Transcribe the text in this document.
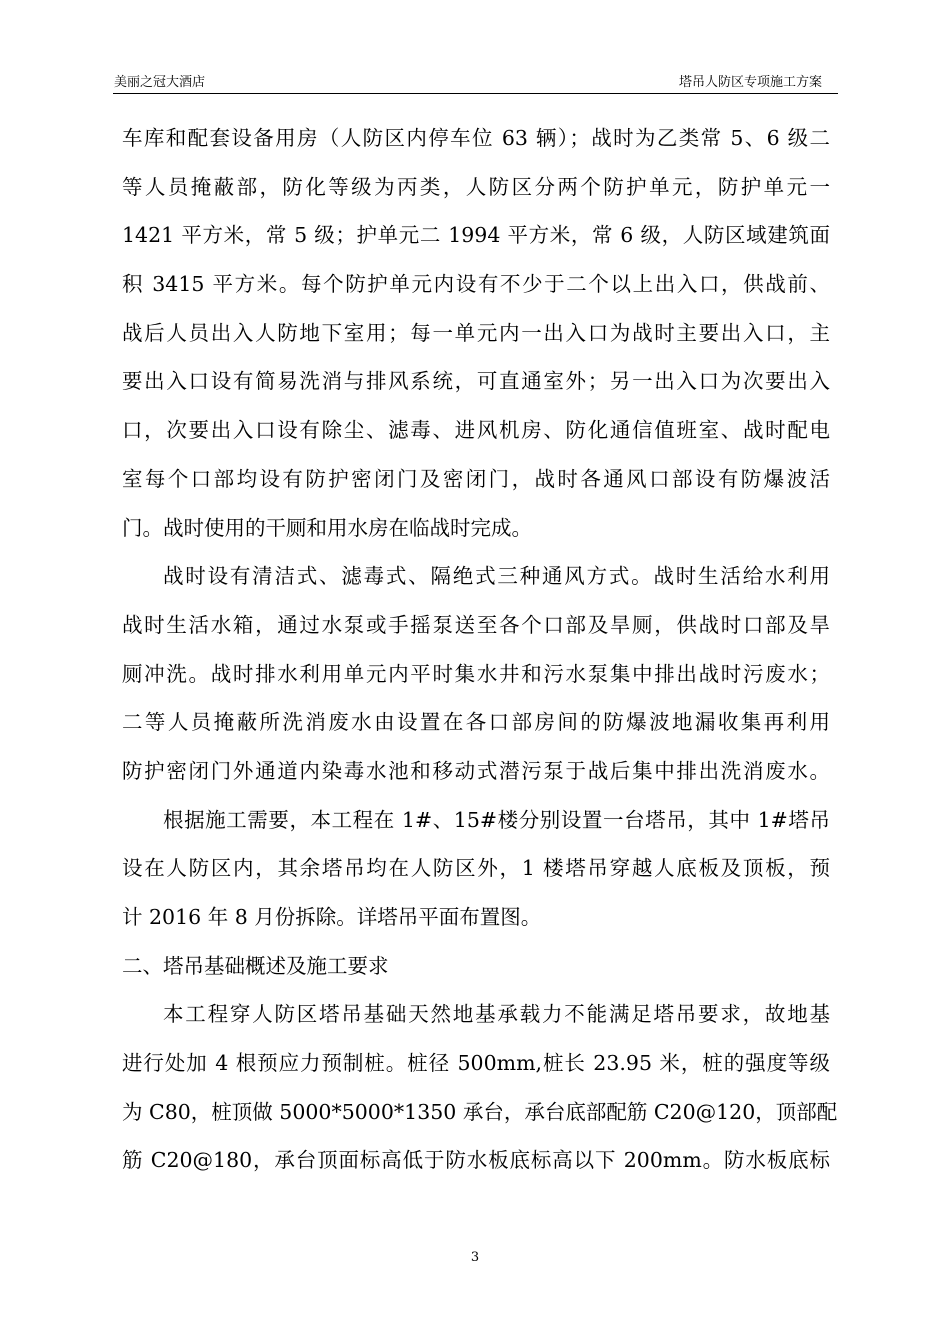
美丽之冠大酒店	塔吊人防区专项施工方案
车库和配套设备用房（人防区内停车位 63 辆）；战时为乙类常 5、6 级二
等人员掩蔽部，防化等级为丙类，人防区分两个防护单元，防护单元一
1421 平方米，常 5 级；护单元二 1994 平方米，常 6 级，人防区域建筑面
积 3415 平方米。每个防护单元内设有不少于二个以上出入口，供战前、
战后人员出入人防地下室用；每一单元内一出入口为战时主要出入口，主
要出入口设有简易洗消与排风系统，可直通室外；另一出入口为次要出入
口，次要出入口设有除尘、滤毒、进风机房、防化通信值班室、战时配电
室每个口部均设有防护密闭门及密闭门，战时各通风口部设有防爆波活
门。战时使用的干厕和用水房在临战时完成。
战时设有清洁式、滤毒式、隔绝式三种通风方式。战时生活给水利用
战时生活水箱，通过水泵或手摇泵送至各个口部及旱厕，供战时口部及旱
厕冲洗。战时排水利用单元内平时集水井和污水泵集中排出战时污废水；
二等人员掩蔽所洗消废水由设置在各口部房间的防爆波地漏收集再利用
防护密闭门外通道内染毒水池和移动式潜污泵于战后集中排出洗消废水。
根据施工需要，本工程在 1#、15#楼分别设置一台塔吊，其中 1#塔吊
设在人防区内，其余塔吊均在人防区外，1 楼塔吊穿越人底板及顶板，预
计 2016 年 8 月份拆除。详塔吊平面布置图。
二、塔吊基础概述及施工要求
本工程穿人防区塔吊基础天然地基承载力不能满足塔吊要求，故地基
进行处加 4 根预应力预制桩。桩径 500mm,桩长 23.95 米，桩的强度等级
为 C80，桩顶做 5000*5000*1350 承台，承台底部配筋 C20@120，顶部配
筋 C20@180，承台顶面标高低于防水板底标高以下 200mm。防水板底标
3
